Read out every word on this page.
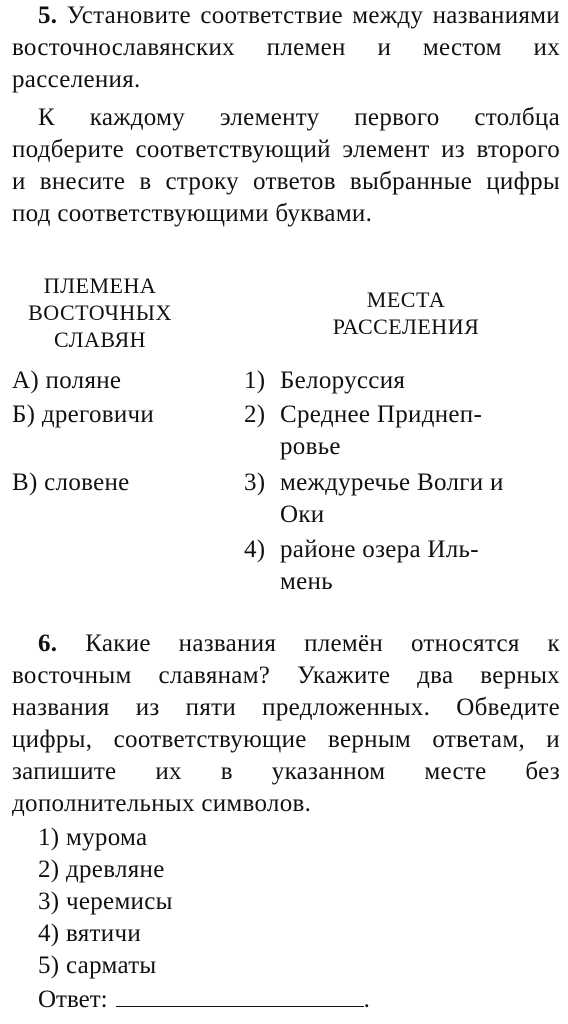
5. Установите соответствие между названиями восточнославянских племен и местом их расселения.
К каждому элементу первого столбца подберите соответствующий элемент из второго и внесите в строку ответов выбранные цифры под соответствующими буквами.
ПЛЕМЕНА
ВОСТОЧНЫХ
СЛАВЯН
МЕСТА
РАССЕЛЕНИЯ
А) поляне
Б) дреговичи
В) словене
1) Белоруссия
2) Среднее Приднеп-
ровье
3) междуречье Волги и
Оки
4) районе озера Иль-
мень
6. Какие названия племён относятся к восточным славянам? Укажите два верных названия из пяти предложенных. Обведите цифры, соответствующие верным ответам, и запишите их в указанном месте без дополнительных символов.
1) мурома
2) древляне
3) черемисы
4) вятичи
5) сарматы
Ответ:	.
